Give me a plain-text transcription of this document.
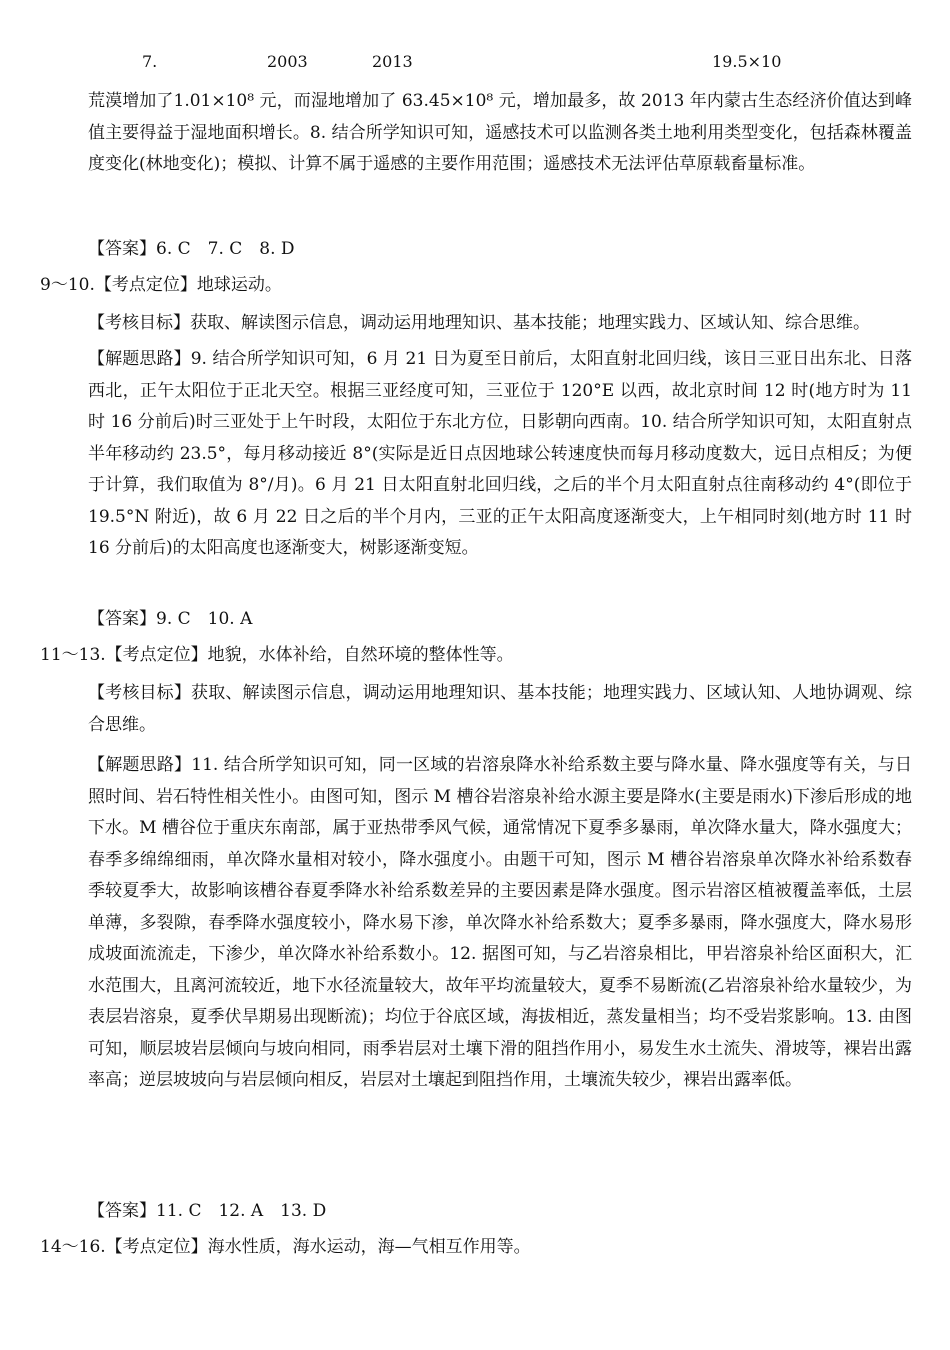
7.	2003	2013	19.5×10

荒漠增加了1.01×10⁸ 元，而湿地增加了 63.45×10⁸ 元，增加最多，故 2013 年内蒙古生态经济价值达到峰值主要得益于湿地面积增长。8. 结合所学知识可知，遥感技术可以监测各类土地利用类型变化，包括森林覆盖度变化(林地变化)；模拟、计算不属于遥感的主要作用范围；遥感技术无法评估草原载畜量标准。

【答案】6. C　7. C　8. D

9～10.【考点定位】地球运动。

【考核目标】获取、解读图示信息，调动运用地理知识、基本技能；地理实践力、区域认知、综合思维。

【解题思路】9. 结合所学知识可知，6 月 21 日为夏至日前后，太阳直射北回归线，该日三亚日出东北、日落西北，正午太阳位于正北天空。根据三亚经度可知，三亚位于 120°E 以西，故北京时间 12 时(地方时为 11 时 16 分前后)时三亚处于上午时段，太阳位于东北方位，日影朝向西南。10. 结合所学知识可知，太阳直射点半年移动约 23.5°，每月移动接近 8°(实际是近日点因地球公转速度快而每月移动度数大，远日点相反；为便于计算，我们取值为 8°/月)。6 月 21 日太阳直射北回归线，之后的半个月太阳直射点往南移动约 4°(即位于 19.5°N 附近)，故 6 月 22 日之后的半个月内，三亚的正午太阳高度逐渐变大，上午相同时刻(地方时 11 时 16 分前后)的太阳高度也逐渐变大，树影逐渐变短。

【答案】9. C　10. A

11～13.【考点定位】地貌，水体补给，自然环境的整体性等。

【考核目标】获取、解读图示信息，调动运用地理知识、基本技能；地理实践力、区域认知、人地协调观、综合思维。

【解题思路】11. 结合所学知识可知，同一区域的岩溶泉降水补给系数主要与降水量、降水强度等有关，与日照时间、岩石特性相关性小。由图可知，图示 M 槽谷岩溶泉补给水源主要是降水(主要是雨水)下渗后形成的地下水。M 槽谷位于重庆东南部，属于亚热带季风气候，通常情况下夏季多暴雨，单次降水量大，降水强度大；春季多绵绵细雨，单次降水量相对较小，降水强度小。由题干可知，图示 M 槽谷岩溶泉单次降水补给系数春季较夏季大，故影响该槽谷春夏季降水补给系数差异的主要因素是降水强度。图示岩溶区植被覆盖率低，土层单薄，多裂隙，春季降水强度较小，降水易下渗，单次降水补给系数大；夏季多暴雨，降水强度大，降水易形成坡面流流走，下渗少，单次降水补给系数小。12. 据图可知，与乙岩溶泉相比，甲岩溶泉补给区面积大，汇水范围大，且离河流较近，地下水径流量较大，故年平均流量较大，夏季不易断流(乙岩溶泉补给水量较少，为表层岩溶泉，夏季伏旱期易出现断流)；均位于谷底区域，海拔相近，蒸发量相当；均不受岩浆影响。13. 由图可知，顺层坡岩层倾向与坡向相同，雨季岩层对土壤下滑的阻挡作用小，易发生水土流失、滑坡等，裸岩出露率高；逆层坡坡向与岩层倾向相反，岩层对土壤起到阻挡作用，土壤流失较少，裸岩出露率低。

【答案】11. C　12. A　13. D

14～16.【考点定位】海水性质，海水运动，海—气相互作用等。
